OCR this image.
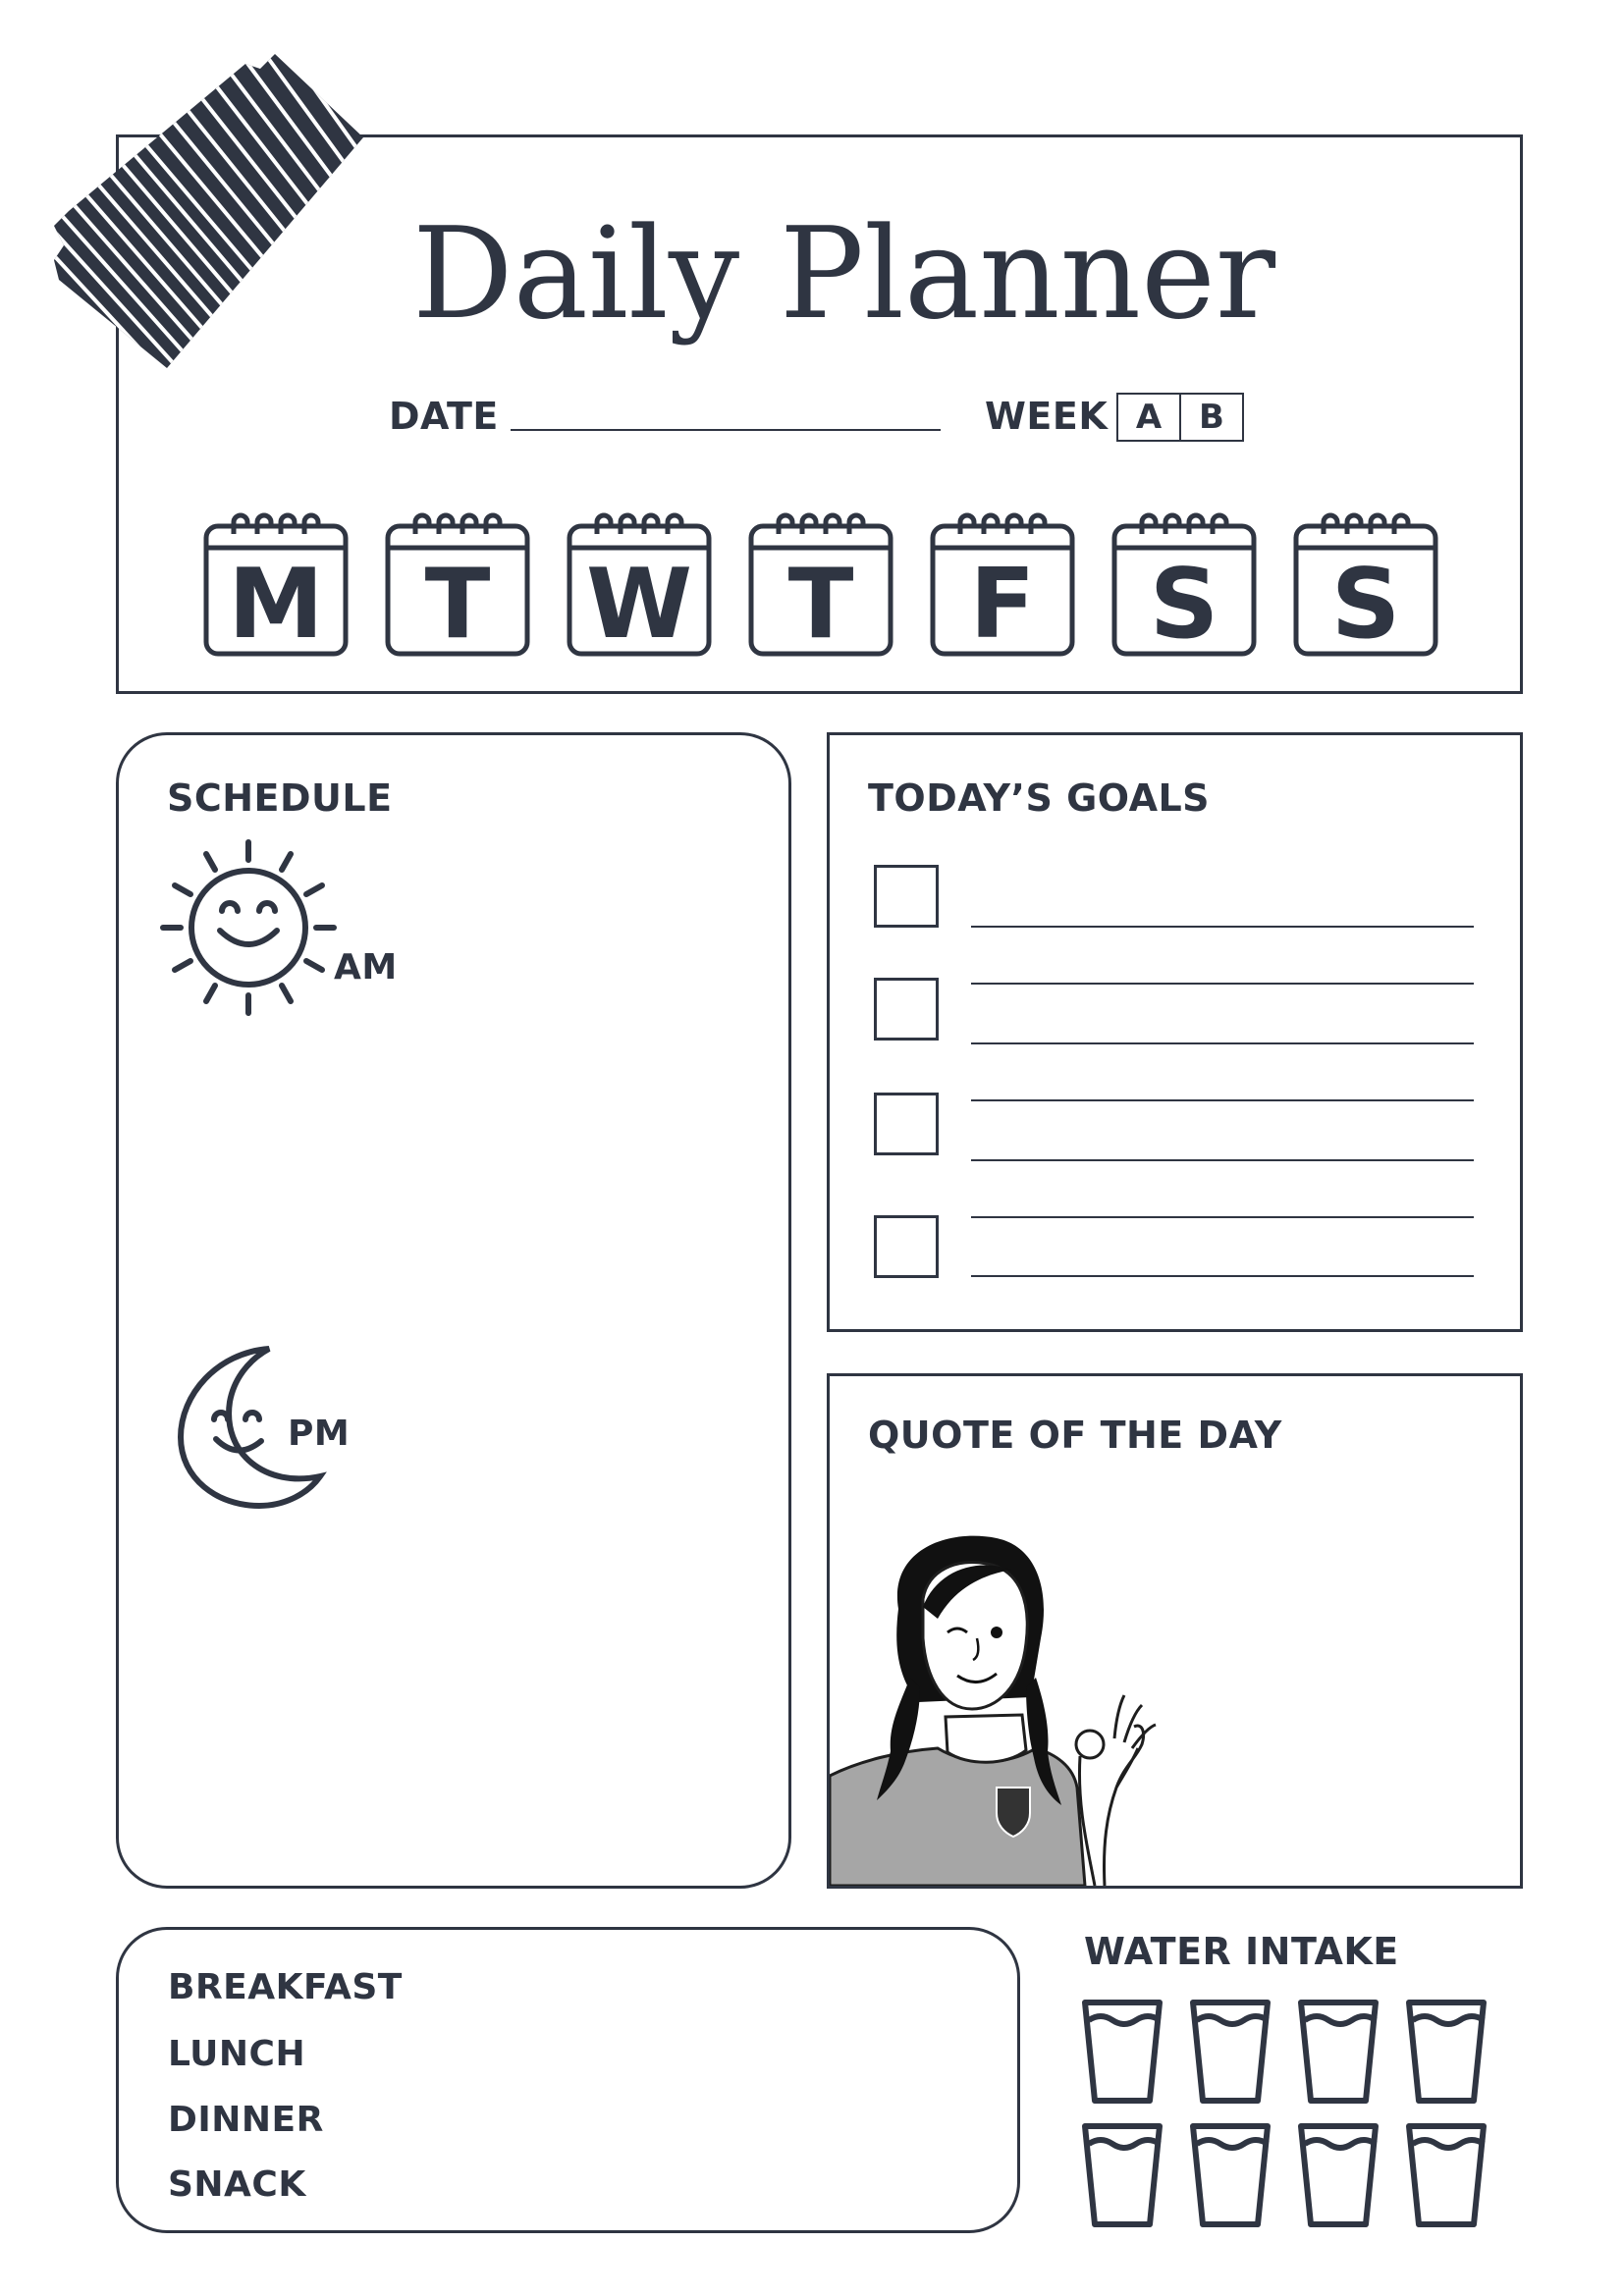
Daily Planner
DATE	WEEK A	B
M	T W T	F	S	S
SCHEDULE
AM
PM
TODAY’S GOALS
QUOTE OF THE DAY
BREAKFAST
LUNCH
DINNER
SNACK
WATER INTAKE
